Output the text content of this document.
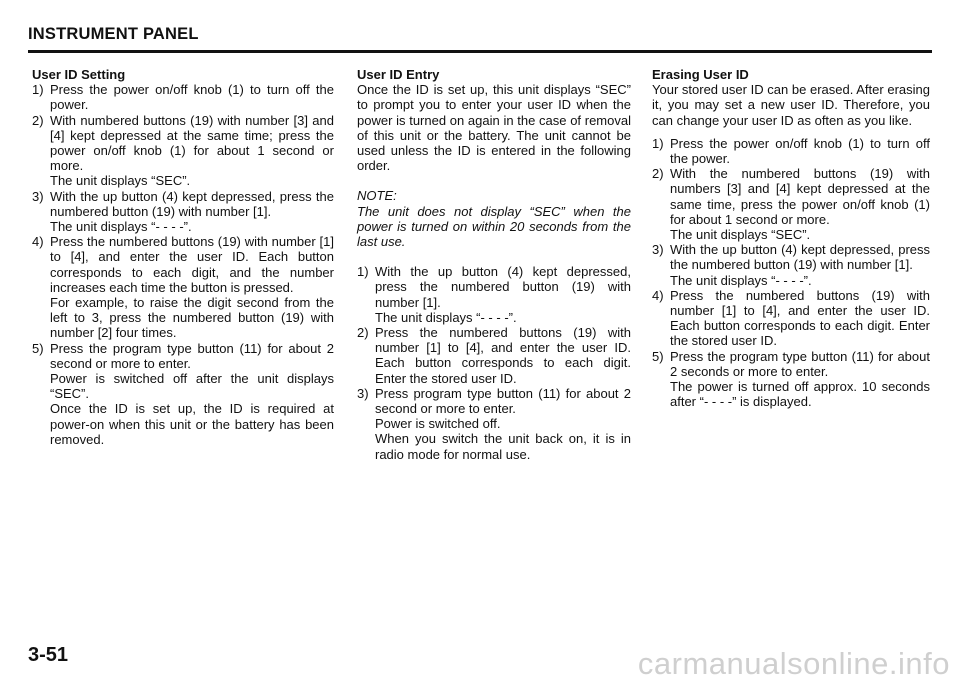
INSTRUMENT PANEL

User ID Setting

1) Press the power on/off knob (1) to turn off the power.
2) With numbered buttons (19) with number [3] and [4] kept depressed at the same time; press the power on/off knob (1) for about 1 second or more.
The unit displays “SEC”.
3) With the up button (4) kept depressed, press the numbered button (19) with number [1].
The unit displays “- - - -”.
4) Press the numbered buttons (19) with number [1] to [4], and enter the user ID. Each button corresponds to each digit, and the number increases each time the button is pressed.
For example, to raise the digit second from the left to 3, press the numbered button (19) with number [2] four times.
5) Press the program type button (11) for about 2 second or more to enter.
Power is switched off after the unit displays “SEC”.
Once the ID is set up, the ID is required at power-on when this unit or the battery has been removed.

User ID Entry

Once the ID is set up, this unit displays “SEC” to prompt you to enter your user ID when the power is turned on again in the case of removal of this unit or the battery. The unit cannot be used unless the ID is entered in the following order.

NOTE:

The unit does not display “SEC” when the power is turned on within 20 seconds from the last use.

1) With the up button (4) kept depressed, press the numbered button (19) with number [1].
The unit displays “- - - -”.
2) Press the numbered buttons (19) with number [1] to [4], and enter the user ID. Each button corresponds to each digit. Enter the stored user ID.
3) Press program type button (11) for about 2 second or more to enter.
Power is switched off.
When you switch the unit back on, it is in radio mode for normal use.

Erasing User ID

Your stored user ID can be erased. After erasing it, you may set a new user ID. Therefore, you can change your user ID as often as you like.

1) Press the power on/off knob (1) to turn off the power.
2) With the numbered buttons (19) with numbers [3] and [4] kept depressed at the same time, press the power on/off knob (1) for about 1 second or more.
The unit displays “SEC”.
3) With the up button (4) kept depressed, press the numbered button (19) with number [1].
The unit displays “- - - -”.
4) Press the numbered buttons (19) with number [1] to [4], and enter the user ID. Each button corresponds to each digit. Enter the stored user ID.
5) Press the program type button (11) for about 2 seconds or more to enter.
The power is turned off approx. 10 seconds after “- - - -” is displayed.
3-51	carmanualsonline.info
